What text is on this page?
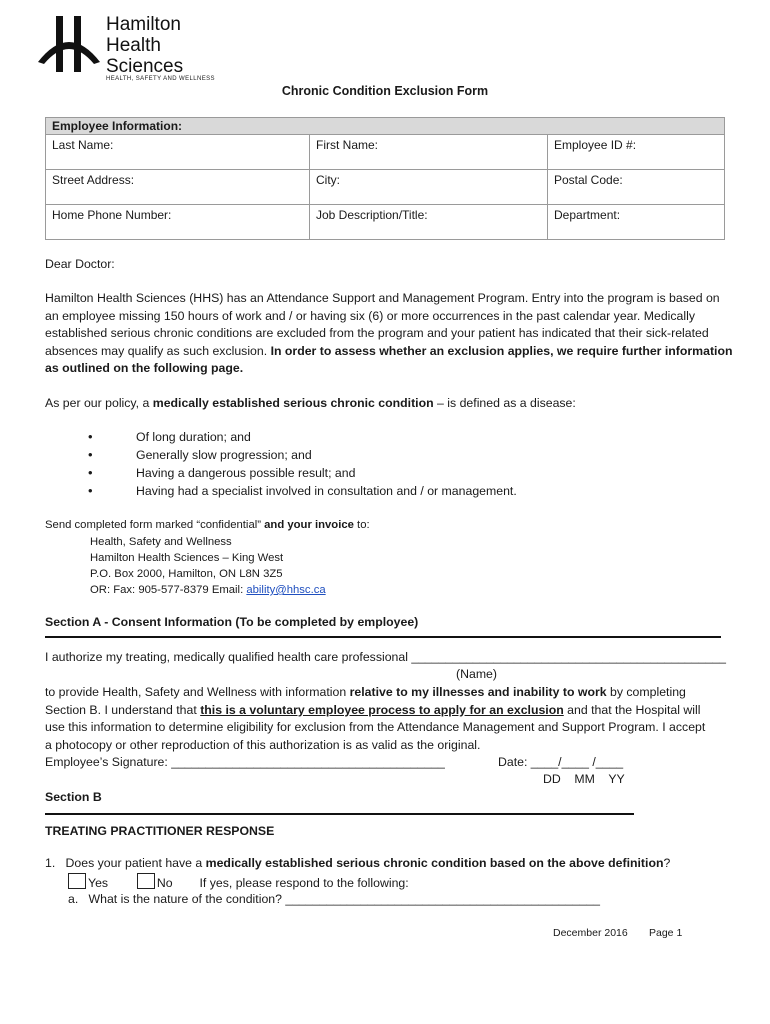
Hamilton
Health
Sciences
HEALTH, SAFETY AND WELLNESS
Chronic Condition Exclusion Form
Employee Information:		
Last Name:	First Name:	Employee ID #:
Street Address:	City:	Postal Code:
Home Phone Number:	Job Description/Title:	Department:
Dear Doctor:
Hamilton Health Sciences (HHS) has an Attendance Support and Management Program. Entry into the program is based on an employee missing 150 hours of work and / or having six (6) or more occurrences in the past calendar year. Medically established serious chronic conditions are excluded from the program and your patient has indicated that their sick-related absences may qualify as such exclusion. In order to assess whether an exclusion applies, we require further information as outlined on the following page.
As per our policy, a medically established serious chronic condition – is defined as a disease:
• Of long duration; and
• Generally slow progression; and
• Having a dangerous possible result; and
• Having had a specialist involved in consultation and / or management.
Send completed form marked “confidential” and your invoice to:
Health, Safety and Wellness
Hamilton Health Sciences – King West
P.O. Box 2000, Hamilton, ON L8N 3Z5
OR: Fax: 905-577-8379 Email: ability@hhsc.ca
Section A - Consent Information (To be completed by employee)
I authorize my treating, medically qualified health care professional ______________________________________________
(Name)
to provide Health, Safety and Wellness with information relative to my illnesses and inability to work by completing Section B. I understand that this is a voluntary employee process to apply for an exclusion and that the Hospital will use this information to determine eligibility for exclusion from the Attendance Management and Support Program. I accept a photocopy or other reproduction of this authorization is as valid as the original.
Employee’s Signature: ________________________________________	Date: ____/____ /____
DD    MM    YY
Section B
TREATING PRACTITIONER RESPONSE
1. Does your patient have a medically established serious chronic condition based on the above definition?
Yes	No If yes, please respond to the following:
a.   What is the nature of the condition? ______________________________________________
December 2016 Page 1
